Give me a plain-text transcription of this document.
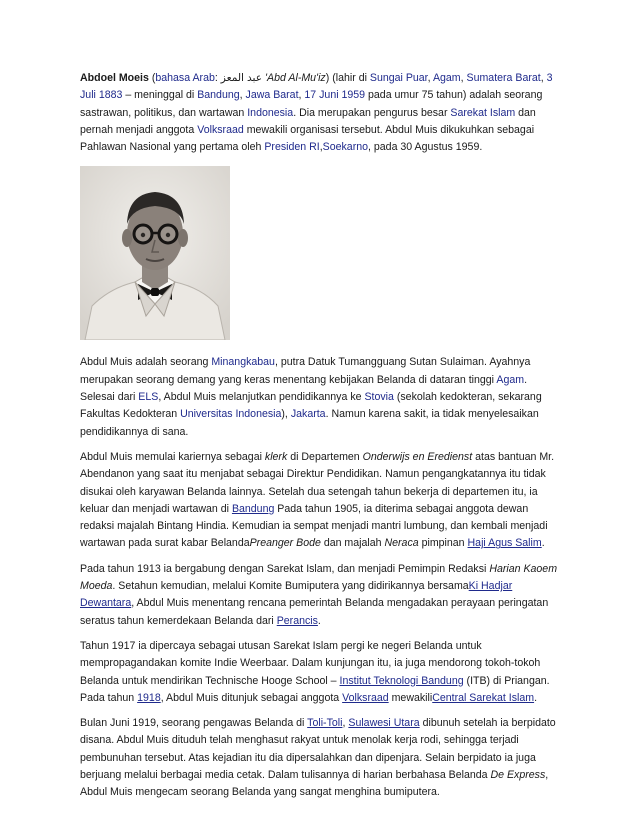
Abdoel Moeis (bahasa Arab: عبد المعز 'Abd Al-Mu'iz) (lahir di Sungai Puar, Agam, Sumatera Barat, 3 Juli 1883 – meninggal di Bandung, Jawa Barat, 17 Juni 1959 pada umur 75 tahun) adalah seorang sastrawan, politikus, dan wartawan Indonesia. Dia merupakan pengurus besar Sarekat Islam dan pernah menjadi anggota Volksraad mewakili organisasi tersebut. Abdul Muis dikukuhkan sebagai Pahlawan Nasional yang pertama oleh Presiden RI,Soekarno, pada 30 Agustus 1959.

Abdul Muis adalah seorang Minangkabau, putra Datuk Tumangguang Sutan Sulaiman. Ayahnya merupakan seorang demang yang keras menentang kebijakan Belanda di dataran tinggi Agam. Selesai dari ELS, Abdul Muis melanjutkan pendidikannya ke Stovia (sekolah kedokteran, sekarang Fakultas Kedokteran Universitas Indonesia), Jakarta. Namun karena sakit, ia tidak menyelesaikan pendidikannya di sana.

Abdul Muis memulai kariernya sebagai klerk di Departemen Onderwijs en Eredienst atas bantuan Mr. Abendanon yang saat itu menjabat sebagai Direktur Pendidikan. Namun pengangkatannya itu tidak disukai oleh karyawan Belanda lainnya. Setelah dua setengah tahun bekerja di departemen itu, ia keluar dan menjadi wartawan di Bandung Pada tahun 1905, ia diterima sebagai anggota dewan redaksi majalah Bintang Hindia. Kemudian ia sempat menjadi mantri lumbung, dan kembali menjadi wartawan pada surat kabar BelandaPreanger Bode dan majalah Neraca pimpinan Haji Agus Salim.

Pada tahun 1913 ia bergabung dengan Sarekat Islam, dan menjadi Pemimpin Redaksi Harian Kaoem Moeda. Setahun kemudian, melalui Komite Bumiputera yang didirikannya bersamaKi Hadjar Dewantara, Abdul Muis menentang rencana pemerintah Belanda mengadakan perayaan peringatan seratus tahun kemerdekaan Belanda dari Perancis.

Tahun 1917 ia dipercaya sebagai utusan Sarekat Islam pergi ke negeri Belanda untuk mempropagandakan komite Indie Weerbaar. Dalam kunjungan itu, ia juga mendorong tokoh-tokoh Belanda untuk mendirikan Technische Hooge School – Institut Teknologi Bandung (ITB) di Priangan. Pada tahun 1918, Abdul Muis ditunjuk sebagai anggota Volksraad mewakiliCentral Sarekat Islam.

Bulan Juni 1919, seorang pengawas Belanda di Toli-Toli, Sulawesi Utara dibunuh setelah ia berpidato disana. Abdul Muis dituduh telah menghasut rakyat untuk menolak kerja rodi, sehingga terjadi pembunuhan tersebut. Atas kejadian itu dia dipersalahkan dan dipenjara. Selain berpidato ia juga berjuang melalui berbagai media cetak. Dalam tulisannya di harian berbahasa Belanda De Express, Abdul Muis mengecam seorang Belanda yang sangat menghina bumiputera.
